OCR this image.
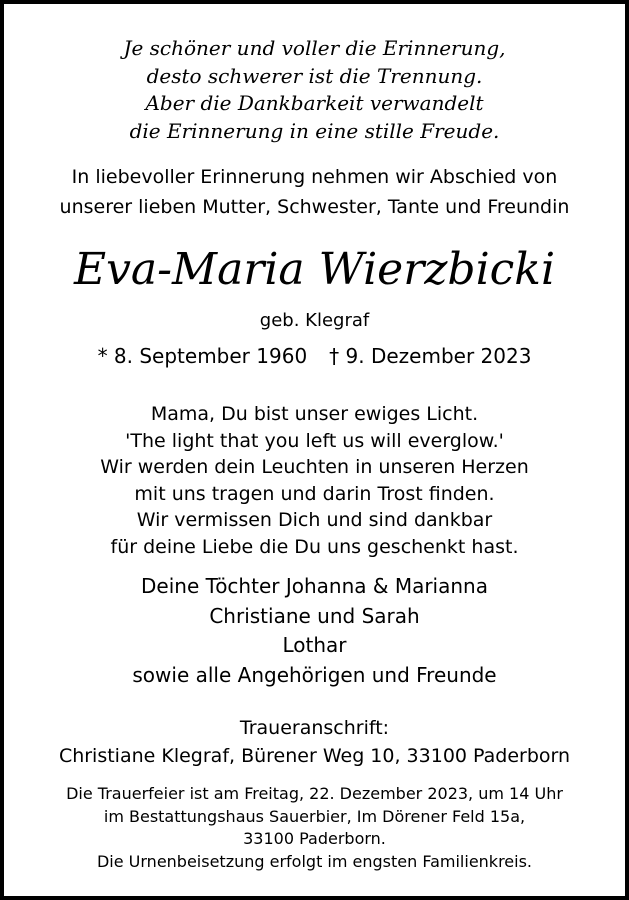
Je schöner und voller die Erinnerung,
desto schwerer ist die Trennung.
Aber die Dankbarkeit verwandelt
die Erinnerung in eine stille Freude.
In liebevoller Erinnerung nehmen wir Abschied von
unserer lieben Mutter, Schwester, Tante und Freundin
Eva-Maria Wierzbicki
geb. Klegraf
* 8. September 1960 † 9. Dezember 2023
Mama, Du bist unser ewiges Licht.
'The light that you left us will everglow.'
Wir werden dein Leuchten in unseren Herzen
mit uns tragen und darin Trost finden.
Wir vermissen Dich und sind dankbar
für deine Liebe die Du uns geschenkt hast.
Deine Töchter Johanna & Marianna
Christiane und Sarah
Lothar
sowie alle Angehörigen und Freunde
Traueranschrift:
Christiane Klegraf, Bürener Weg 10, 33100 Paderborn
Die Trauerfeier ist am Freitag, 22. Dezember 2023, um 14 Uhr
im Bestattungshaus Sauerbier, Im Dörener Feld 15a,
33100 Paderborn.
Die Urnenbeisetzung erfolgt im engsten Familienkreis.
